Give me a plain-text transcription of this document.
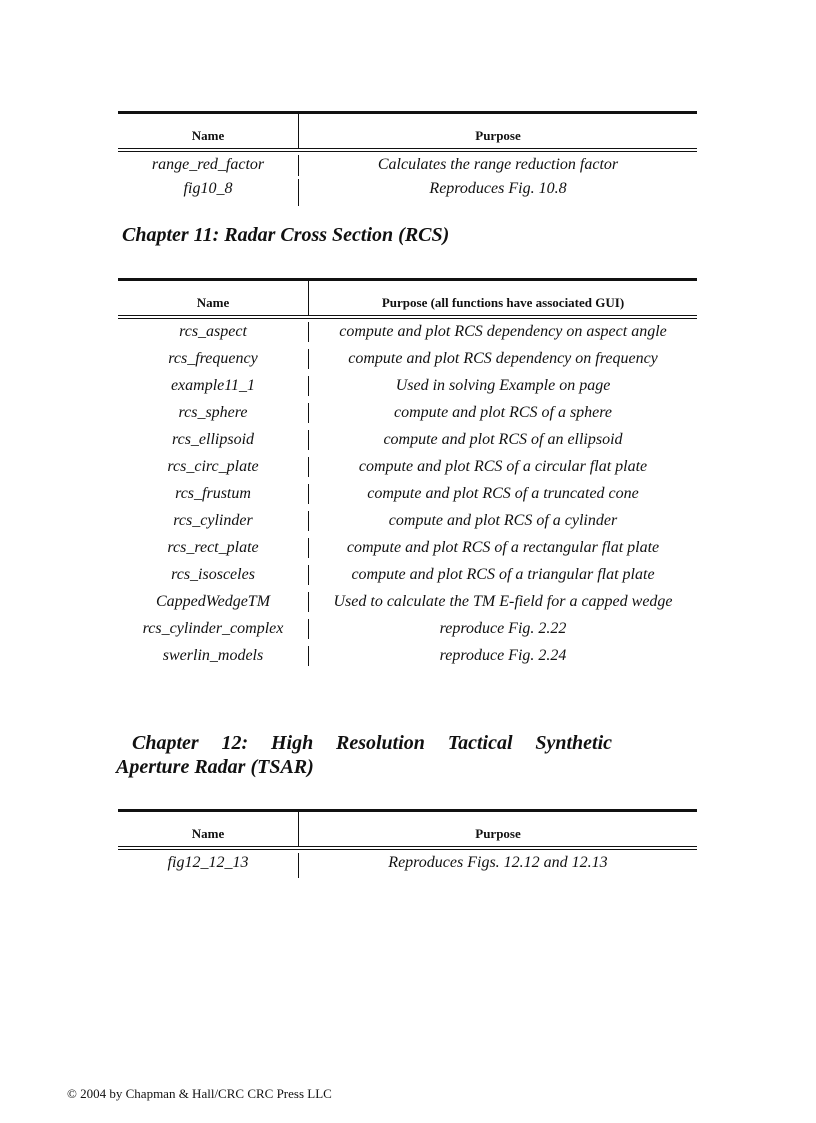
Name	Purpose
range_red_factor	Calculates the range reduction factor
fig10_8	Reproduces Fig. 10.8
Chapter 11: Radar Cross Section (RCS)
Name	Purpose (all functions have associated GUI)
rcs_aspect	compute and plot RCS dependency on aspect angle
rcs_frequency	compute and plot RCS dependency on frequency
example11_1	Used in solving Example on page
rcs_sphere	compute and plot RCS of a sphere
rcs_ellipsoid	compute and plot RCS of an ellipsoid
rcs_circ_plate	compute and plot RCS of a circular flat plate
rcs_frustum	compute and plot RCS of a truncated cone
rcs_cylinder	compute and plot RCS of a cylinder
rcs_rect_plate	compute and plot RCS of a rectangular flat plate
rcs_isosceles	compute and plot RCS of a triangular flat plate
CappedWedgeTM	Used to calculate the TM E-field for a capped wedge
rcs_cylinder_complex	reproduce Fig. 2.22
swerlin_models	reproduce Fig. 2.24
Chapter 12: High Resolution Tactical Synthetic
Aperture Radar (TSAR)
Name	Purpose
fig12_12_13	Reproduces Figs. 12.12 and 12.13
© 2004 by Chapman & Hall/CRC CRC Press LLC
